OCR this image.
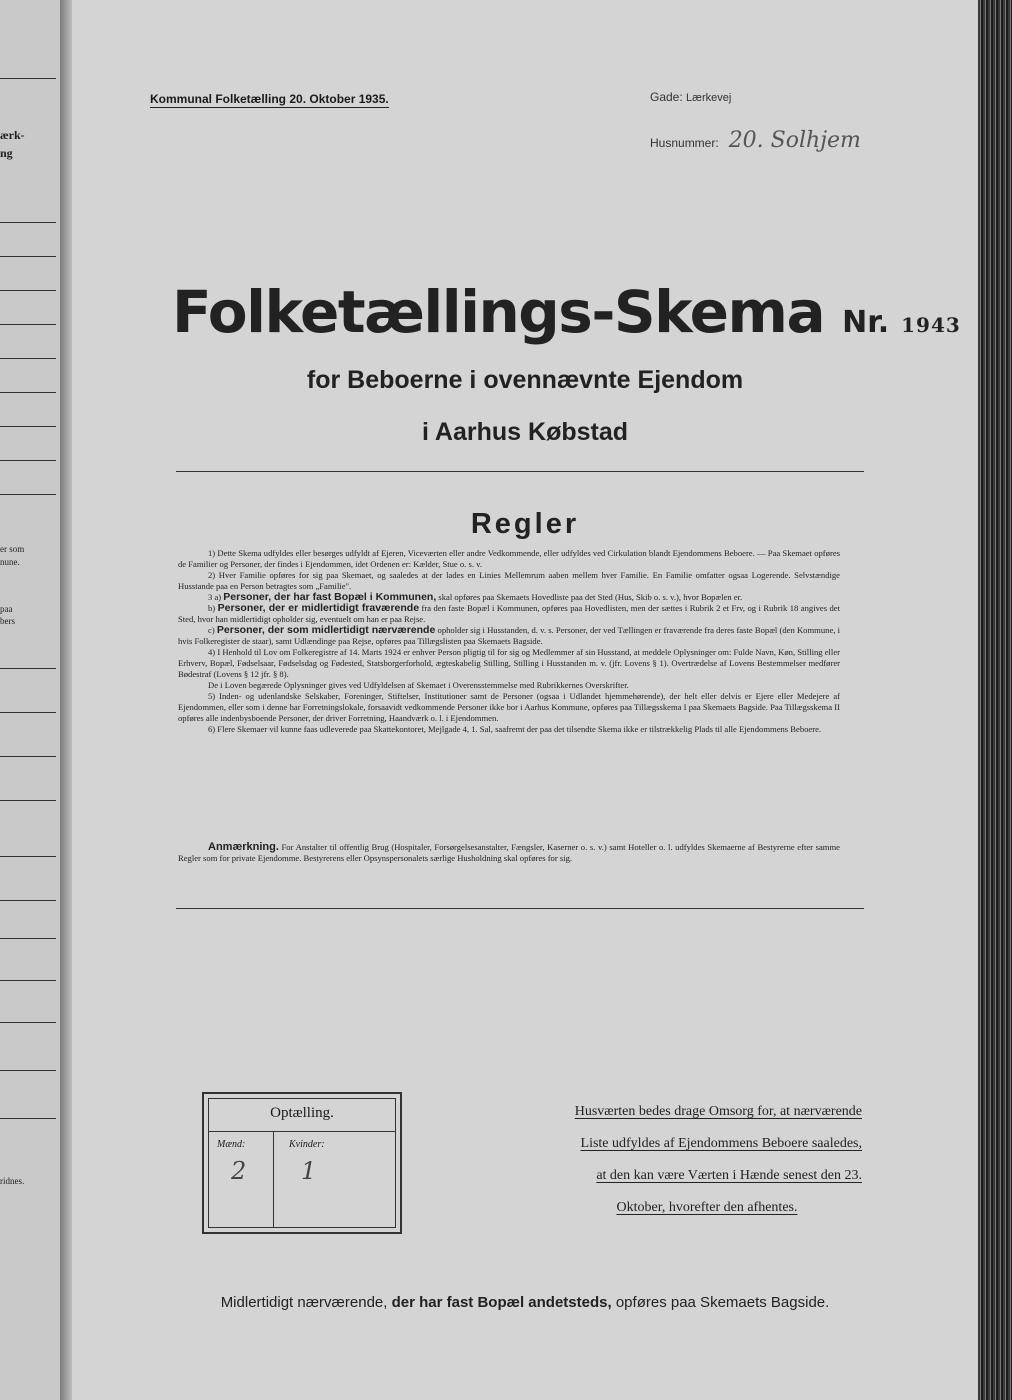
ærk-
ng
er som
nune.
paa
bers
ridnes.
Kommunal Folketælling 20. Oktober 1935.	Gade: Lærkevej
Husnummer: 20. Solhjem
Folketællings-Skema Nr. 1943
for Beboerne i ovennævnte Ejendom
i Aarhus Købstad
Regler

1) Dette Skema udfyldes eller besørges udfyldt af Ejeren, Viceværten eller andre Vedkommende, eller udfyldes ved Cirkulation blandt Ejendommens Beboere. — Paa Skemaet opføres de Familier og Personer, der findes i Ejendommen, idet Ordenen er: Kælder, Stue o. s. v.

2) Hver Familie opføres for sig paa Skemaet, og saaledes at der lades en Linies Mellemrum aaben mellem hver Familie. En Familie omfatter ogsaa Logerende. Selvstændige Husstande paa en Person betragtes som „Familie".

3 a) Personer, der har fast Bopæl i Kommunen, skal opføres paa Skemaets Hovedliste paa det Sted (Hus, Skib o. s. v.), hvor Bopælen er.

b) Personer, der er midlertidigt fraværende fra den faste Bopæl i Kommunen, opføres paa Hovedlisten, men der sættes i Rubrik 2 et Frv, og i Rubrik 18 angives det Sted, hvor han midlertidigt opholder sig, eventuelt om han er paa Rejse.

c) Personer, der som midlertidigt nærværende opholder sig i Husstanden, d. v. s. Personer, der ved Tællingen er fraværende fra deres faste Bopæl (den Kommune, i hvis Folkeregister de staar), samt Udlændinge paa Rejse, opføres paa Tillægslisten paa Skemaets Bagside.

4) I Henhold til Lov om Folkeregistre af 14. Marts 1924 er enhver Person pligtig til for sig og Medlemmer af sin Husstand, at meddele Oplysninger om: Fulde Navn, Køn, Stilling eller Erhverv, Bopæl, Fødselsaar, Fødselsdag og Fødested, Statsborgerforhold, ægteskabelig Stilling, Stilling i Husstanden m. v. (jfr. Lovens § 1). Overtrædelse af Lovens Bestemmelser medfører Bødestraf (Lovens § 12 jfr. § 8).

De i Loven begærede Oplysninger gives ved Udfyldelsen af Skemaet i Overensstemmelse med Rubrikkernes Overskrifter.

5) Inden- og udenlandske Selskaber, Foreninger, Stiftelser, Institutioner samt de Personer (ogsaa i Udlandet hjemmehørende), der helt eller delvis er Ejere eller Medejere af Ejendommen, eller som i denne har Forretningslokale, forsaavidt vedkommende Personer ikke bor i Aarhus Kommune, opføres paa Tillægsskema I paa Skemaets Bagside. Paa Tillægsskema II opføres alle indenbysboende Personer, der driver Forretning, Haandværk o. l. i Ejendommen.

6) Flere Skemaer vil kunne faas udleverede paa Skattekontoret, Mejlgade 4, 1. Sal, saafremt der paa det tilsendte Skema ikke er tilstrækkelig Plads til alle Ejendommens Beboere.

Anmærkning. For Anstalter til offentlig Brug (Hospitaler, Forsørgelsesanstalter, Fængsler, Kaserner o. s. v.) samt Hoteller o. l. udfyldes Skemaerne af Bestyrerne efter samme Regler som for private Ejendomme. Bestyrerens eller Opsynspersonalets særlige Husholdning skal opføres for sig.
Optælling.
Mænd:	Kvinder:
2 1
Husværten bedes drage Omsorg for, at nærværende
Liste udfyldes af Ejendommens Beboere saaledes,
at den kan være Værten i Hænde senest den 23.
Oktober, hvorefter den afhentes.
Midlertidigt nærværende, der har fast Bopæl andetsteds, opføres paa Skemaets Bagside.
